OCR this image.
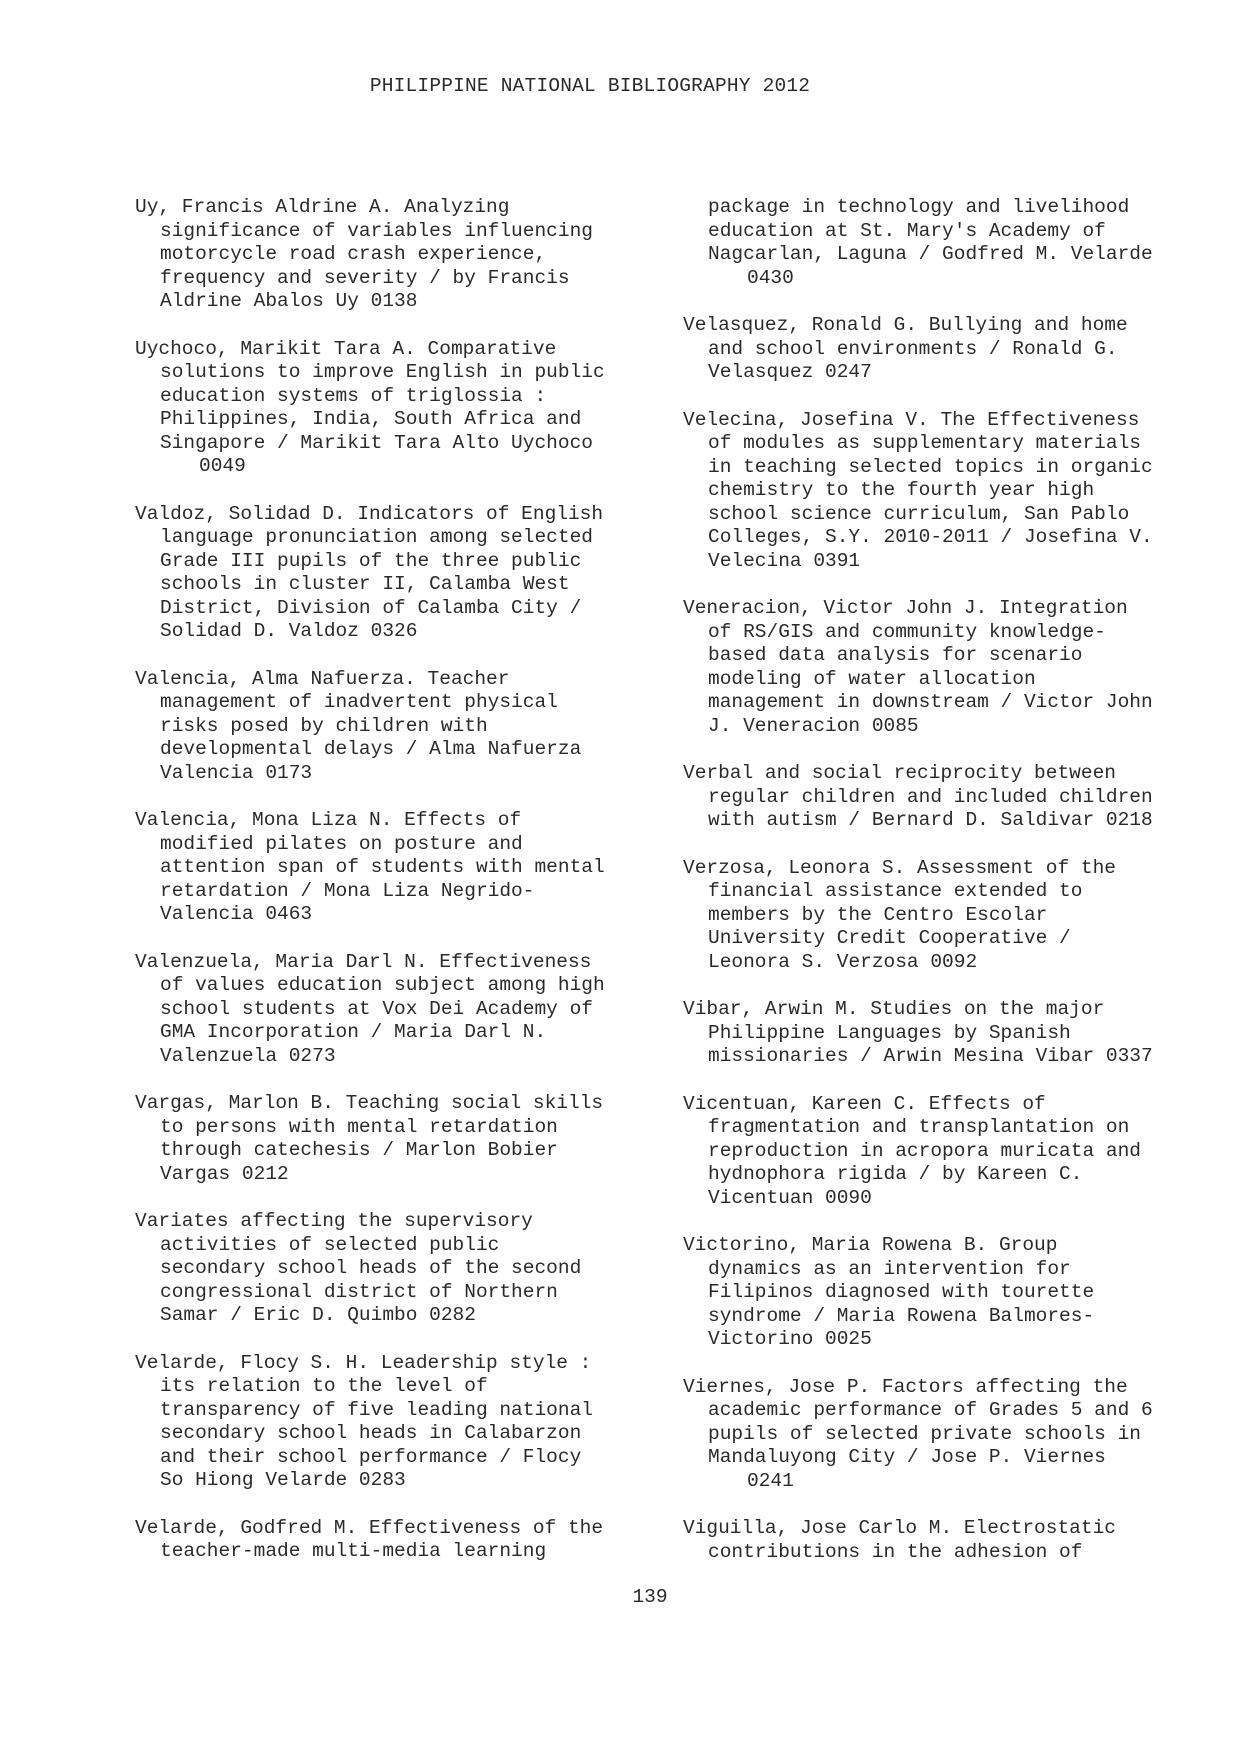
PHILIPPINE NATIONAL BIBLIOGRAPHY 2012
Uy, Francis Aldrine A. Analyzing
significance of variables influencing
motorcycle road crash experience,
frequency and severity / by Francis
Aldrine Abalos Uy 0138
Uychoco, Marikit Tara A. Comparative
solutions to improve English in public
education systems of triglossia :
Philippines, India, South Africa and
Singapore / Marikit Tara Alto Uychoco
0049
Valdoz, Solidad D. Indicators of English
language pronunciation among selected
Grade III pupils of the three public
schools in cluster II, Calamba West
District, Division of Calamba City /
Solidad D. Valdoz 0326
Valencia, Alma Nafuerza. Teacher
management of inadvertent physical
risks posed by children with
developmental delays / Alma Nafuerza
Valencia 0173
Valencia, Mona Liza N. Effects of
modified pilates on posture and
attention span of students with mental
retardation / Mona Liza Negrido-
Valencia 0463
Valenzuela, Maria Darl N. Effectiveness
of values education subject among high
school students at Vox Dei Academy of
GMA Incorporation / Maria Darl N.
Valenzuela 0273
Vargas, Marlon B. Teaching social skills
to persons with mental retardation
through catechesis / Marlon Bobier
Vargas 0212
Variates affecting the supervisory
activities of selected public
secondary school heads of the second
congressional district of Northern
Samar / Eric D. Quimbo 0282
Velarde, Flocy S. H. Leadership style :
its relation to the level of
transparency of five leading national
secondary school heads in Calabarzon
and their school performance / Flocy
So Hiong Velarde 0283
Velarde, Godfred M. Effectiveness of the
teacher-made multi-media learning
package in technology and livelihood
education at St. Mary's Academy of
Nagcarlan, Laguna / Godfred M. Velarde
0430
Velasquez, Ronald G. Bullying and home
and school environments / Ronald G.
Velasquez 0247
Velecina, Josefina V. The Effectiveness
of modules as supplementary materials
in teaching selected topics in organic
chemistry to the fourth year high
school science curriculum, San Pablo
Colleges, S.Y. 2010-2011 / Josefina V.
Velecina 0391
Veneracion, Victor John J. Integration
of RS/GIS and community knowledge-
based data analysis for scenario
modeling of water allocation
management in downstream / Victor John
J. Veneracion 0085
Verbal and social reciprocity between
regular children and included children
with autism / Bernard D. Saldivar 0218
Verzosa, Leonora S. Assessment of the
financial assistance extended to
members by the Centro Escolar
University Credit Cooperative /
Leonora S. Verzosa 0092
Vibar, Arwin M. Studies on the major
Philippine Languages by Spanish
missionaries / Arwin Mesina Vibar 0337
Vicentuan, Kareen C. Effects of
fragmentation and transplantation on
reproduction in acropora muricata and
hydnophora rigida / by Kareen C.
Vicentuan 0090
Victorino, Maria Rowena B. Group
dynamics as an intervention for
Filipinos diagnosed with tourette
syndrome / Maria Rowena Balmores-
Victorino 0025
Viernes, Jose P. Factors affecting the
academic performance of Grades 5 and 6
pupils of selected private schools in
Mandaluyong City / Jose P. Viernes
0241
Viguilla, Jose Carlo M. Electrostatic
contributions in the adhesion of
139
